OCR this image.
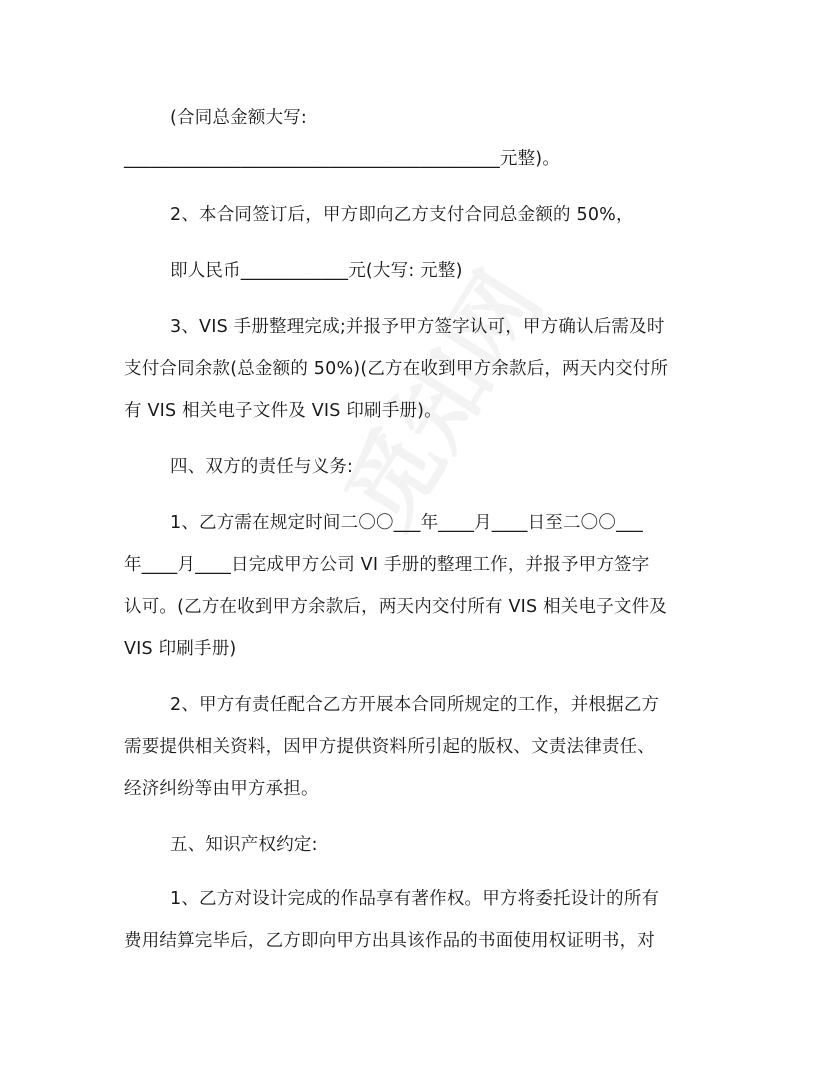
(合同总金额大写:

__________________________________________元整)。

2、本合同签订后，甲方即向乙方支付合同总金额的 50%，

即人民币____________元(大写: 元整)

3、VIS 手册整理完成;并报予甲方签字认可，甲方确认后需及时

支付合同余款(总金额的 50%)(乙方在收到甲方余款后，两天内交付所

有 VIS 相关电子文件及 VIS 印刷手册)。

四、双方的责任与义务:

1、乙方需在规定时间二〇〇___年____月____日至二〇〇___

年____月____日完成甲方公司 VI 手册的整理工作，并报予甲方签字

认可。(乙方在收到甲方余款后，两天内交付所有 VIS 相关电子文件及

VIS 印刷手册)

2、甲方有责任配合乙方开展本合同所规定的工作，并根据乙方

需要提供相关资料，因甲方提供资料所引起的版权、文责法律责任、

经济纠纷等由甲方承担。

五、知识产权约定:

1、乙方对设计完成的作品享有著作权。甲方将委托设计的所有

费用结算完毕后，乙方即向甲方出具该作品的书面使用权证明书，对
